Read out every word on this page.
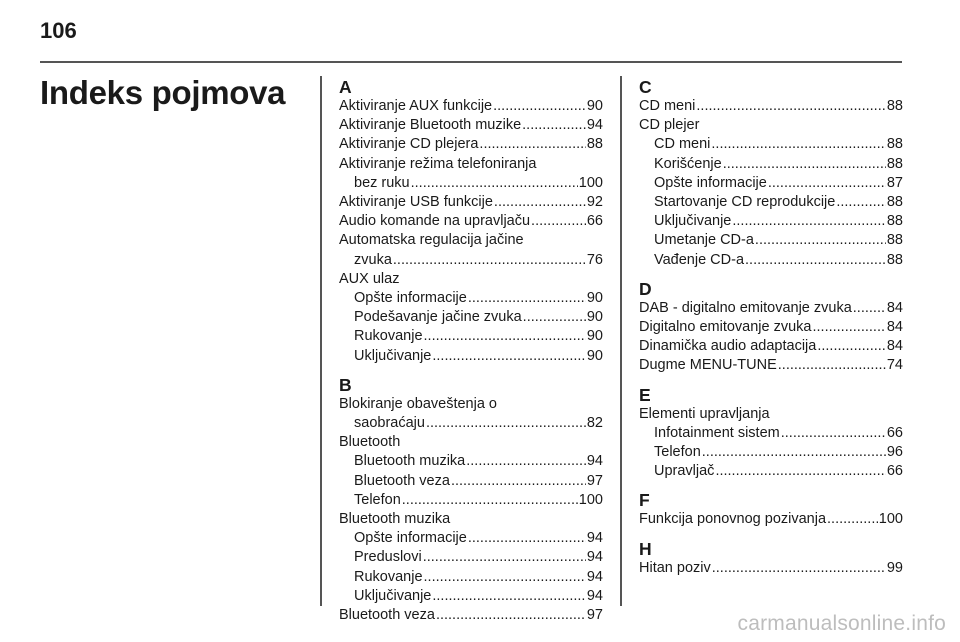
106
Indeks pojmova	A
Aktiviranje AUX funkcije .....	90
Aktiviranje Bluetooth muzike .....	94
Aktiviranje CD plejera .....	88
Aktiviranje režima telefoniranja
bez ruku .....	100
Aktiviranje USB funkcije .....	92
Audio komande na upravljaču .....	66
Automatska regulacija jačine
zvuka .....	76
AUX ulaz
Opšte informacije .....	90
Podešavanje jačine zvuka .....	90
Rukovanje .....	90
Uključivanje .....	90
B
Blokiranje obaveštenja o
saobraćaju .....	82
Bluetooth
Bluetooth muzika .....	94
Bluetooth veza .....	97
Telefon .....	100
Bluetooth muzika
Opšte informacije .....	94
Preduslovi .....	94
Rukovanje .....	94
Uključivanje .....	94
Bluetooth veza .....	97
C
CD meni .....	88
CD plejer
CD meni .....	88
Korišćenje .....	88
Opšte informacije .....	87
Startovanje CD reprodukcije .....	88
Uključivanje .....	88
Umetanje CD-a .....	88
Vađenje CD-a .....	88
D
DAB - digitalno emitovanje zvuka ..... 84
Digitalno emitovanje zvuka .....	84
Dinamička audio adaptacija .....	84
Dugme MENU-TUNE .....	74
E
Elementi upravljanja
Infotainment sistem .....	66
Telefon .....	96
Upravljač .....	66
F
Funkcija ponovnog pozivanja .....	100
H
Hitan poziv .....	99
carmanualsonline.info
